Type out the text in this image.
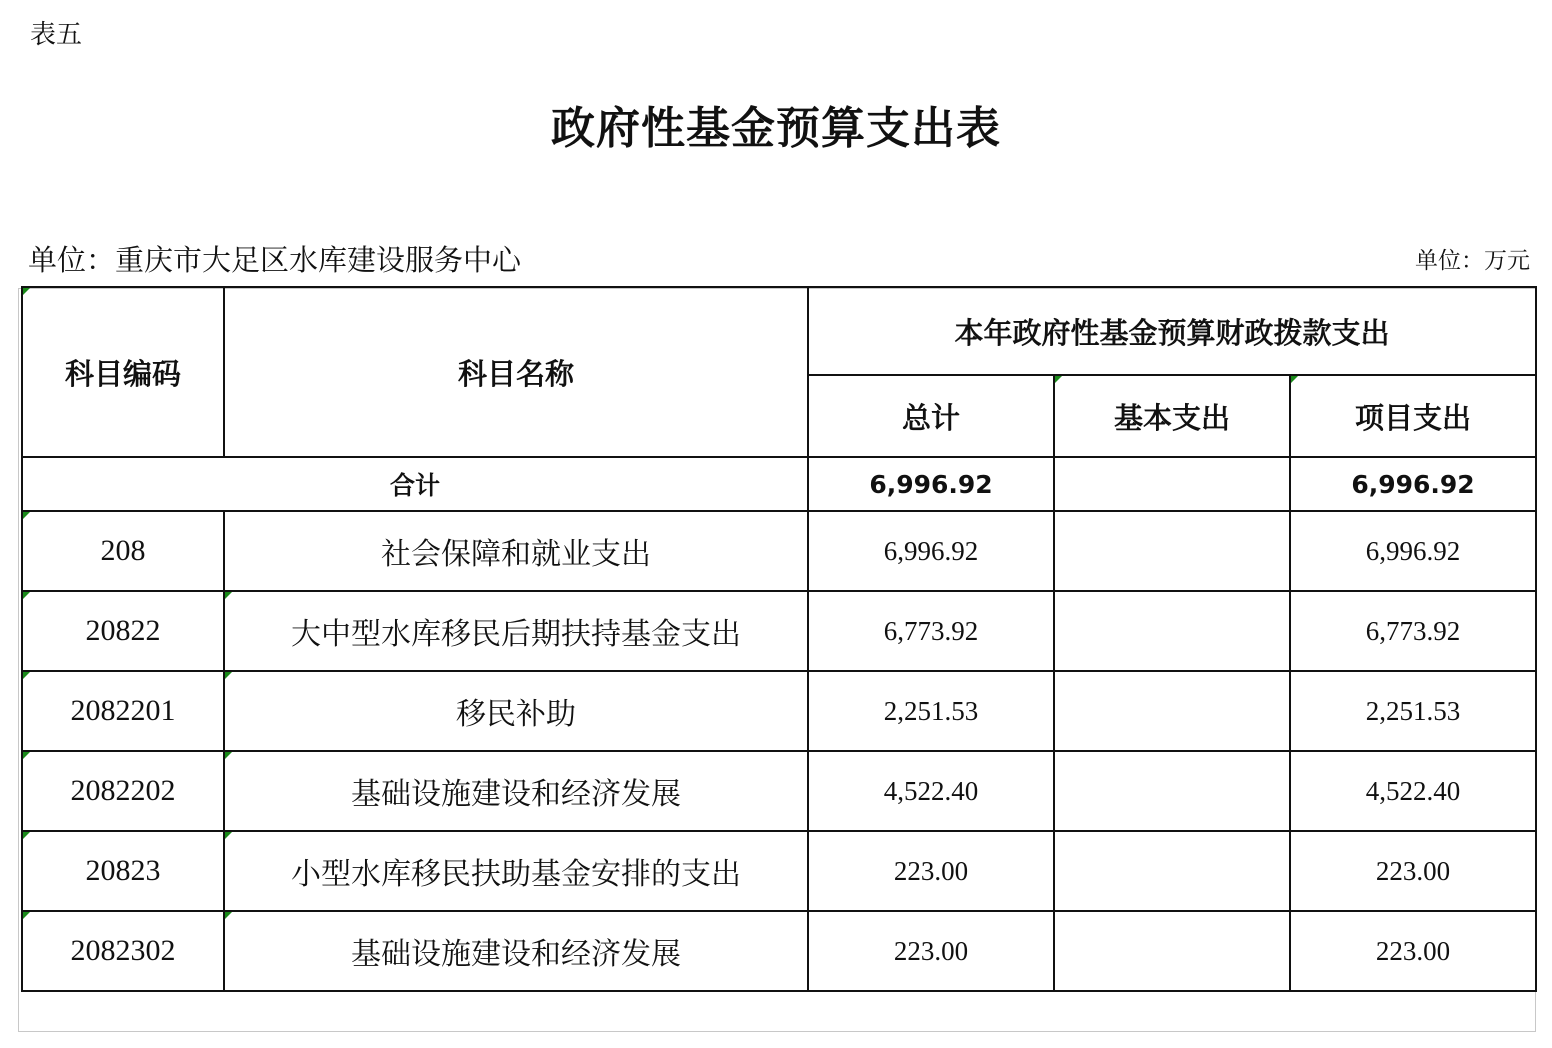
表五
政府性基金预算支出表
单位：重庆市大足区水库建设服务中心	单位：万元
科目编码	科目名称	本年政府性基金预算财政拨款支出		
		总计	基本支出	项目支出
合计		6,996.92		6,996.92
208	社会保障和就业支出	6,996.92		6,996.92
20822	大中型水库移民后期扶持基金支出	6,773.92		6,773.92
2082201	移民补助	2,251.53		2,251.53
2082202	基础设施建设和经济发展	4,522.40		4,522.40
20823	小型水库移民扶助基金安排的支出	223.00		223.00
2082302	基础设施建设和经济发展	223.00		223.00
